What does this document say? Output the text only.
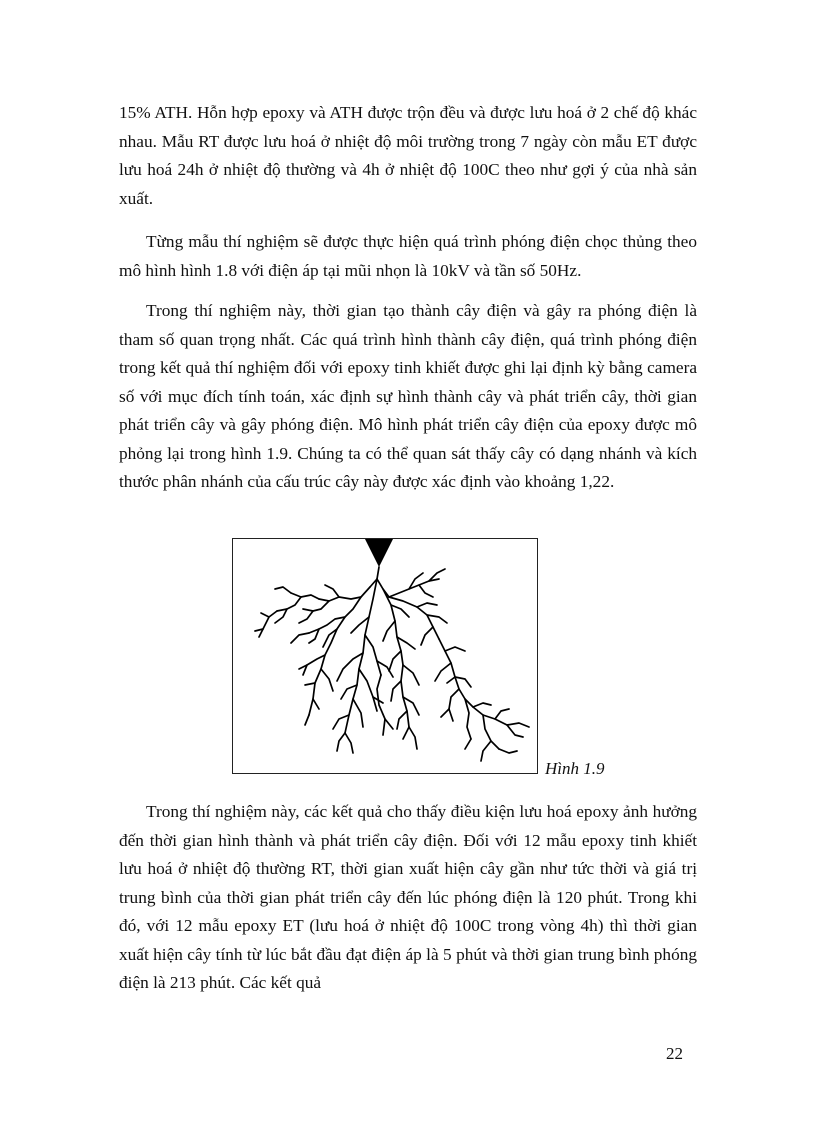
15% ATH. Hỗn hợp epoxy và ATH được trộn đều và được lưu hoá ở 2 chế độ khác nhau. Mẫu RT được lưu hoá ở nhiệt độ môi trường trong 7 ngày còn mẫu ET được lưu hoá 24h ở nhiệt độ thường và 4h ở nhiệt độ 100C theo như gợi ý của nhà sản xuất.

Từng mẫu thí nghiệm sẽ được thực hiện quá trình phóng điện chọc thủng theo mô hình hình 1.8 với điện áp tại mũi nhọn là 10kV và tần số 50Hz.

Trong thí nghiệm này, thời gian tạo thành cây điện và gây ra phóng điện là tham số quan trọng nhất. Các quá trình hình thành cây điện, quá trình phóng điện trong kết quả thí nghiệm đối với epoxy tinh khiết được ghi lại định kỳ bằng camera số với mục đích tính toán, xác định sự hình thành cây và phát triển cây, thời gian phát triển cây và gây phóng điện. Mô hình phát triển cây điện của epoxy được mô phỏng lại trong hình 1.9. Chúng ta có thể quan sát thấy cây có dạng nhánh và kích thước phân nhánh của cấu trúc cây này được xác định vào khoảng 1,22.

Hình 1.9

Trong thí nghiệm này, các kết quả cho thấy điều kiện lưu hoá epoxy ảnh hưởng đến thời gian hình thành và phát triển cây điện. Đối với 12 mẫu epoxy tinh khiết lưu hoá ở nhiệt độ thường RT, thời gian xuất hiện cây gần như tức thời và giá trị trung bình của thời gian phát triển cây đến lúc phóng điện là 120 phút. Trong khi đó, với 12 mẫu epoxy ET (lưu hoá ở nhiệt độ 100C trong vòng 4h) thì thời gian xuất hiện cây tính từ lúc bắt đầu đạt điện áp là 5 phút và thời gian trung bình phóng điện là 213 phút. Các kết quả

22
